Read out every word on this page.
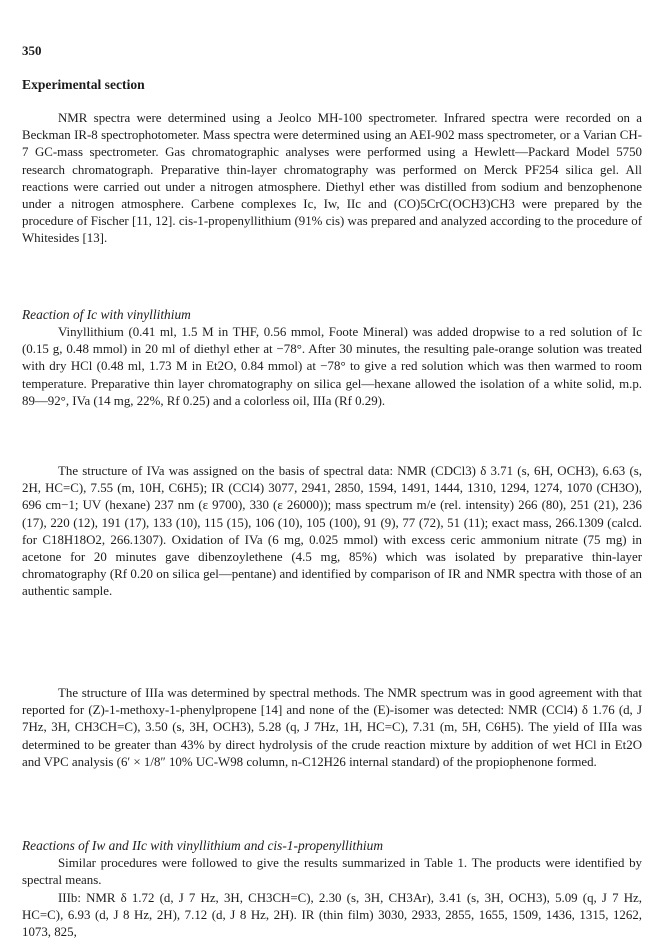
350
Experimental section

NMR spectra were determined using a Jeolco MH-100 spectrometer. Infrared spectra were recorded on a Beckman IR-8 spectrophotometer. Mass spectra were determined using an AEI-902 mass spectrometer, or a Varian CH-7 GC-mass spectrometer. Gas chromatographic analyses were performed using a Hewlett—Packard Model 5750 research chromatograph. Preparative thin-layer chromatography was performed on Merck PF254 silica gel. All reactions were carried out under a nitrogen atmosphere. Diethyl ether was distilled from sodium and benzophenone under a nitrogen atmosphere. Carbene complexes Ic, Iw, IIc and (CO)5CrC(OCH3)CH3 were prepared by the procedure of Fischer [11, 12]. cis-1-propenyllithium (91% cis) was prepared and analyzed according to the procedure of Whitesides [13].

Reaction of Ic with vinyllithium

Vinyllithium (0.41 ml, 1.5 M in THF, 0.56 mmol, Foote Mineral) was added dropwise to a red solution of Ic (0.15 g, 0.48 mmol) in 20 ml of diethyl ether at −78°. After 30 minutes, the resulting pale-orange solution was treated with dry HCl (0.48 ml, 1.73 M in Et2O, 0.84 mmol) at −78° to give a red solution which was then warmed to room temperature. Preparative thin layer chromatography on silica gel—hexane allowed the isolation of a white solid, m.p. 89—92°, IVa (14 mg, 22%, Rf 0.25) and a colorless oil, IIIa (Rf 0.29).

The structure of IVa was assigned on the basis of spectral data: NMR (CDCl3) δ 3.71 (s, 6H, OCH3), 6.63 (s, 2H, HC=C), 7.55 (m, 10H, C6H5); IR (CCl4) 3077, 2941, 2850, 1594, 1491, 1444, 1310, 1294, 1274, 1070 (CH3O), 696 cm−1; UV (hexane) 237 nm (ε 9700), 330 (ε 26000)); mass spectrum m/e (rel. intensity) 266 (80), 251 (21), 236 (17), 220 (12), 191 (17), 133 (10), 115 (15), 106 (10), 105 (100), 91 (9), 77 (72), 51 (11); exact mass, 266.1309 (calcd. for C18H18O2, 266.1307). Oxidation of IVa (6 mg, 0.025 mmol) with excess ceric ammonium nitrate (75 mg) in acetone for 20 minutes gave dibenzoylethene (4.5 mg, 85%) which was isolated by preparative thin-layer chromatography (Rf 0.20 on silica gel—pentane) and identified by comparison of IR and NMR spectra with those of an authentic sample.

The structure of IIIa was determined by spectral methods. The NMR spectrum was in good agreement with that reported for (Z)-1-methoxy-1-phenylpropene [14] and none of the (E)-isomer was detected: NMR (CCl4) δ 1.76 (d, J 7Hz, 3H, CH3CH=C), 3.50 (s, 3H, OCH3), 5.28 (q, J 7Hz, 1H, HC=C), 7.31 (m, 5H, C6H5). The yield of IIIa was determined to be greater than 43% by direct hydrolysis of the crude reaction mixture by addition of wet HCl in Et2O and VPC analysis (6′ × 1/8″ 10% UC-W98 column, n-C12H26 internal standard) of the propiophenone formed.

Reactions of Iw and IIc with vinyllithium and cis-1-propenyllithium

Similar procedures were followed to give the results summarized in Table 1. The products were identified by spectral means.

IIIb: NMR δ 1.72 (d, J 7 Hz, 3H, CH3CH=C), 2.30 (s, 3H, CH3Ar), 3.41 (s, 3H, OCH3), 5.09 (q, J 7 Hz, HC=C), 6.93 (d, J 8 Hz, 2H), 7.12 (d, J 8 Hz, 2H). IR (thin film) 3030, 2933, 2855, 1655, 1509, 1436, 1315, 1262, 1073, 825,
